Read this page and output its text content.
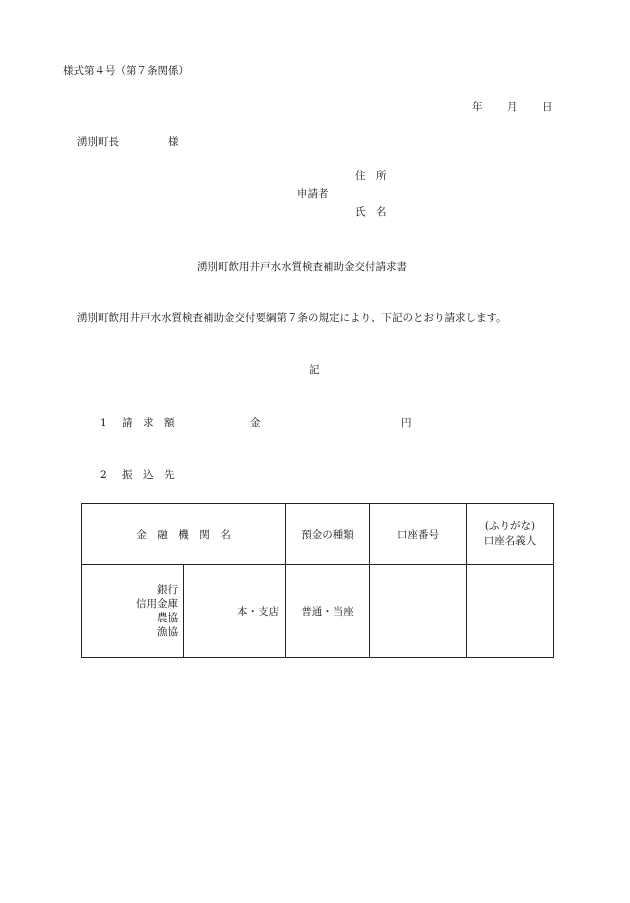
様式第４号（第７条関係）
年 月 日
湧別町長	様
住　所
申請者
氏　名
湧別町飲用井戸水水質検査補助金交付請求書
湧別町飲用井戸水水質検査補助金交付要綱第７条の規定により、下記のとおり請求します。
記
1 請　求　額	金	円
2 振　込　先
金　融　機　関　名		預金の種類	口座番号	(ふりがな)
口座名義人

銀行
信用金庫
農協
漁協	本・支店	普通・当座		
